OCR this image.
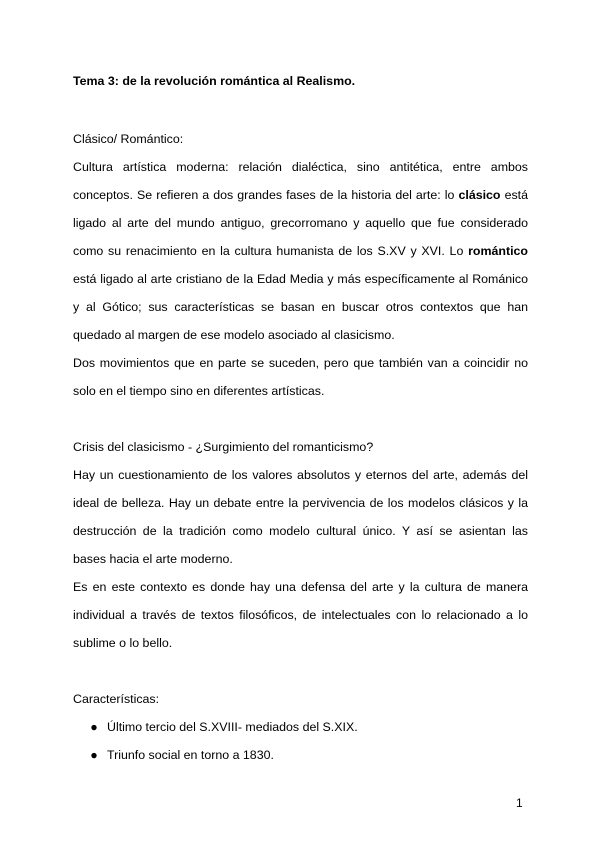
Tema 3: de la revolución romántica al Realismo.

Clásico/ Romántico:

Cultura artística moderna: relación dialéctica, sino antitética, entre ambos conceptos. Se refieren a dos grandes fases de la historia del arte: lo clásico está ligado al arte del mundo antiguo, grecorromano y aquello que fue considerado como su renacimiento en la cultura humanista de los S.XV y XVI. Lo romántico está ligado al arte cristiano de la Edad Media y más específicamente al Románico y al Gótico; sus características se basan en buscar otros contextos que han quedado al margen de ese modelo asociado al clasicismo.

Dos movimientos que en parte se suceden, pero que también van a coincidir no solo en el tiempo sino en diferentes artísticas.

Crisis del clasicismo - ¿Surgimiento del romanticismo?

Hay un cuestionamiento de los valores absolutos y eternos del arte, además del ideal de belleza. Hay un debate entre la pervivencia de los modelos clásicos y la destrucción de la tradición como modelo cultural único. Y así se asientan las bases hacia el arte moderno.

Es en este contexto es donde hay una defensa del arte y la cultura de manera individual a través de textos filosóficos, de intelectuales con lo relacionado a lo sublime o lo bello.

Características:

● Último tercio del S.XVIII- mediados del S.XIX.
● Triunfo social en torno a 1830.
1
